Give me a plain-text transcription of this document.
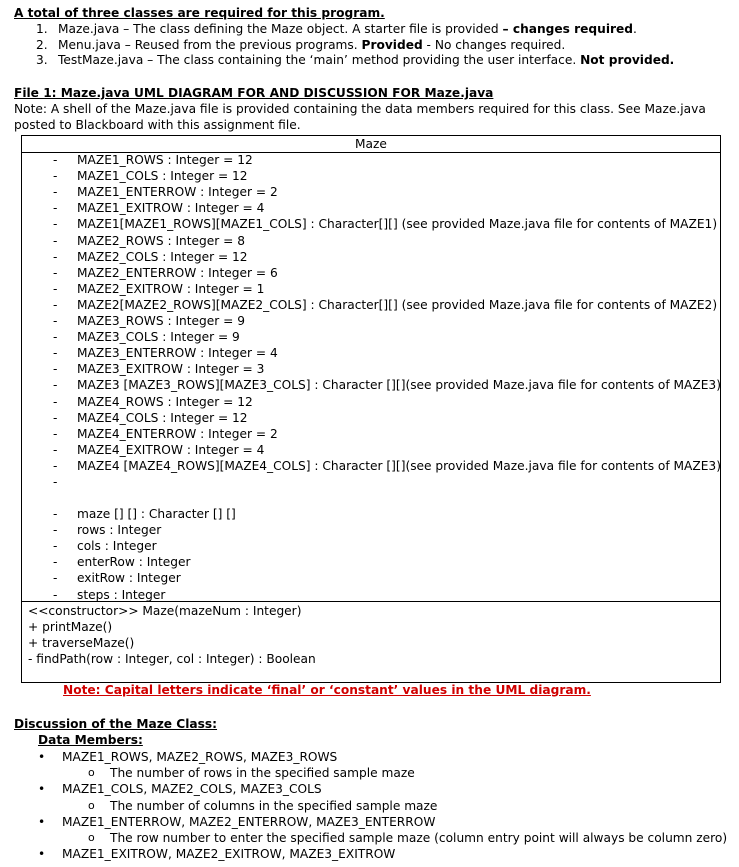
A total of three classes are required for this program.
1. Maze.java – The class defining the Maze object. A starter file is provided – changes required.
2. Menu.java – Reused from the previous programs. Provided - No changes required.
3. TestMaze.java – The class containing the ‘main’ method providing the user interface. Not provided.
File 1: Maze.java UML DIAGRAM FOR AND DISCUSSION FOR Maze.java
Note: A shell of the Maze.java file is provided containing the data members required for this class. See Maze.java posted to Blackboard with this assignment file.
Maze
- MAZE1_ROWS : Integer = 12
- MAZE1_COLS : Integer = 12
- MAZE1_ENTERROW : Integer = 2
- MAZE1_EXITROW : Integer = 4
- MAZE1[MAZE1_ROWS][MAZE1_COLS] : Character[][] (see provided Maze.java file for contents of MAZE1)
- MAZE2_ROWS : Integer = 8
- MAZE2_COLS : Integer = 12
- MAZE2_ENTERROW : Integer = 6
- MAZE2_EXITROW : Integer = 1
- MAZE2[MAZE2_ROWS][MAZE2_COLS] : Character[][] (see provided Maze.java file for contents of MAZE2)
- MAZE3_ROWS : Integer = 9
- MAZE3_COLS : Integer = 9
- MAZE3_ENTERROW : Integer = 4
- MAZE3_EXITROW : Integer = 3
- MAZE3 [MAZE3_ROWS][MAZE3_COLS] : Character [][](see provided Maze.java file for contents of MAZE3)
- MAZE4_ROWS : Integer = 12
- MAZE4_COLS : Integer = 12
- MAZE4_ENTERROW : Integer = 2
- MAZE4_EXITROW : Integer = 4
- MAZE4 [MAZE4_ROWS][MAZE4_COLS] : Character [][](see provided Maze.java file for contents of MAZE3)
-
- maze [] [] : Character [] []
- rows : Integer
- cols : Integer
- enterRow : Integer
- exitRow : Integer
- steps : Integer
<<constructor>> Maze(mazeNum : Integer)
+ printMaze()
+ traverseMaze()
- findPath(row : Integer, col : Integer) : Boolean
Note: Capital letters indicate ‘final’ or ‘constant’ values in the UML diagram.
Discussion of the Maze Class:
Data Members:
• MAZE1_ROWS, MAZE2_ROWS, MAZE3_ROWS
o The number of rows in the specified sample maze
• MAZE1_COLS, MAZE2_COLS, MAZE3_COLS
o The number of columns in the specified sample maze
• MAZE1_ENTERROW, MAZE2_ENTERROW, MAZE3_ENTERROW
o The row number to enter the specified sample maze (column entry point will always be column zero)
• MAZE1_EXITROW, MAZE2_EXITROW, MAZE3_EXITROW
